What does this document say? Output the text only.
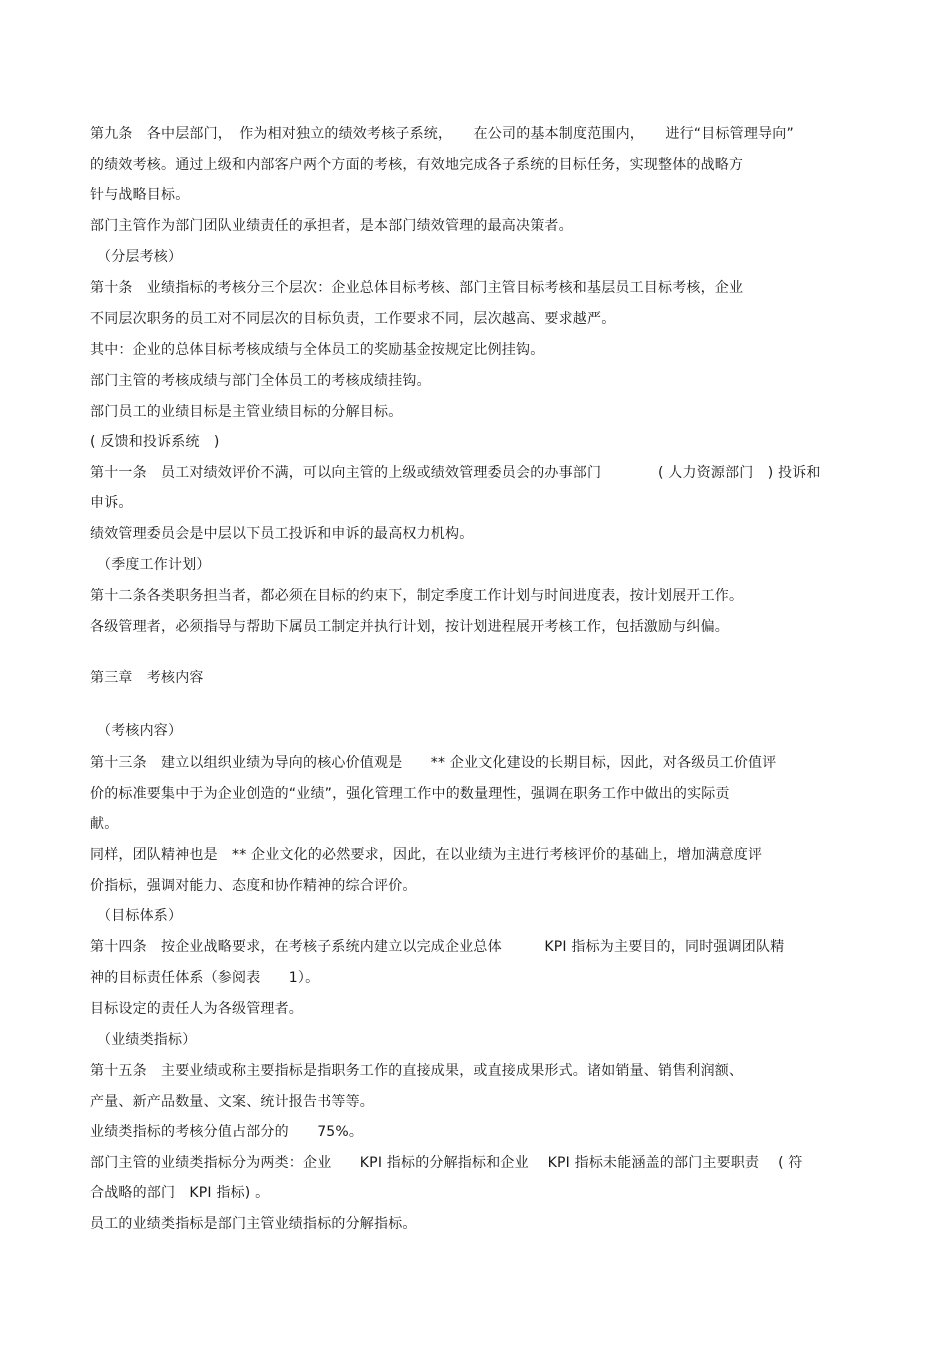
第九条　各中层部门，　作为相对独立的绩效考核子系统，　　在公司的基本制度范围内，　　进行“目标管理导向”
的绩效考核。通过上级和内部客户两个方面的考核，有效地完成各子系统的目标任务，实现整体的战略方
针与战略目标。
部门主管作为部门团队业绩责任的承担者，是本部门绩效管理的最高决策者。
（分层考核）
第十条　业绩指标的考核分三个层次：企业总体目标考核、部门主管目标考核和基层员工目标考核，企业
不同层次职务的员工对不同层次的目标负责，工作要求不同，层次越高、要求越严。
其中：企业的总体目标考核成绩与全体员工的奖励基金按规定比例挂钩。
部门主管的考核成绩与部门全体员工的考核成绩挂钩。
部门员工的业绩目标是主管业绩目标的分解目标。
( 反馈和投诉系统　)
第十一条　员工对绩效评价不满，可以向主管的上级或绩效管理委员会的办事部门　　　　( 人力资源部门　) 投诉和
申诉。
绩效管理委员会是中层以下员工投诉和申诉的最高权力机构。
（季度工作计划）
第十二条各类职务担当者，都必须在目标的约束下，制定季度工作计划与时间进度表，按计划展开工作。
各级管理者，必须指导与帮助下属员工制定并执行计划，按计划进程展开考核工作，包括激励与纠偏。
第三章　考核内容
（考核内容）
第十三条　建立以组织业绩为导向的核心价值观是　　** 企业文化建设的长期目标，因此，对各级员工价值评
价的标准要集中于为企业创造的“业绩”，强化管理工作中的数量理性，强调在职务工作中做出的实际贡
献。
同样，团队精神也是　** 企业文化的必然要求，因此，在以业绩为主进行考核评价的基础上，增加满意度评
价指标，强调对能力、态度和协作精神的综合评价。
（目标体系）
第十四条　按企业战略要求，在考核子系统内建立以完成企业总体　　　KPI 指标为主要目的，同时强调团队精
神的目标责任体系（参阅表　　1）。
目标设定的责任人为各级管理者。
（业绩类指标）
第十五条　主要业绩或称主要指标是指职务工作的直接成果，或直接成果形式。诸如销量、销售利润额、
产量、新产品数量、文案、统计报告书等等。
业绩类指标的考核分值占部分的　　75%。
部门主管的业绩类指标分为两类：企业　　KPI 指标的分解指标和企业　 KPI 指标未能涵盖的部门主要职责　 ( 符
合战略的部门　KPI 指标) 。
员工的业绩类指标是部门主管业绩指标的分解指标。
